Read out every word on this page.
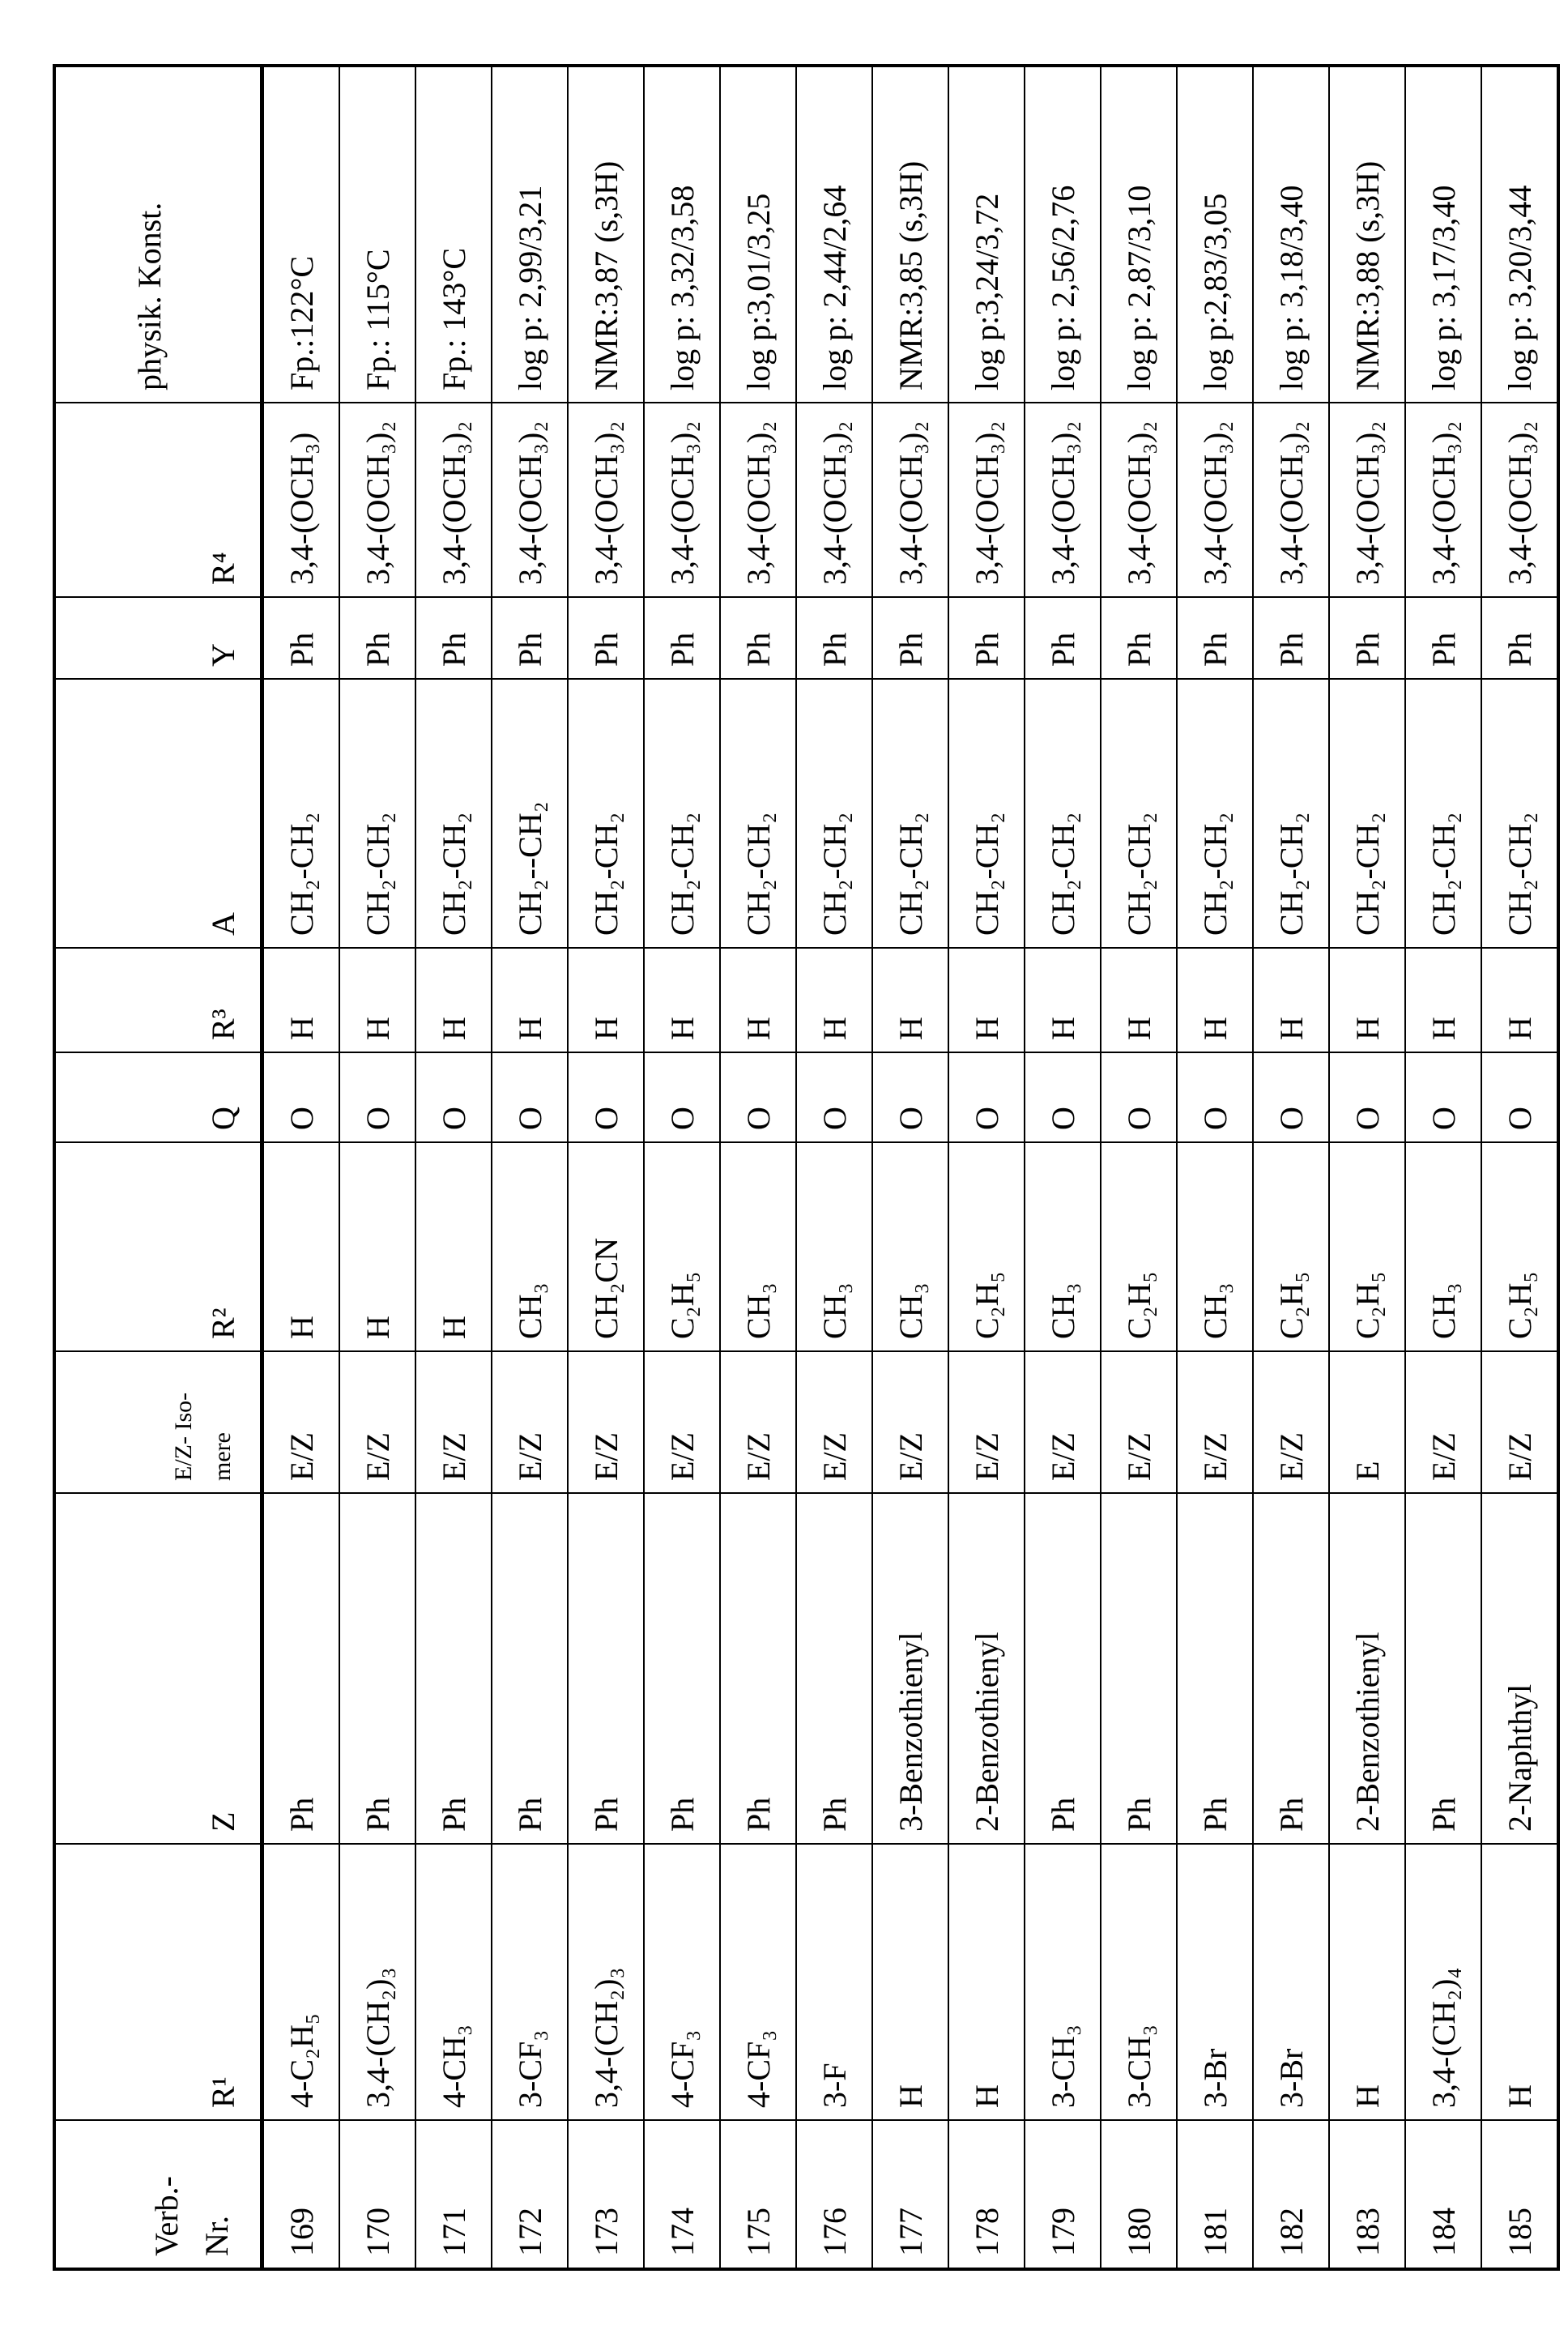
Verb.- Nr.	R¹	Z	E/Z- Iso- mere	R²	Q	R³	A	Y	R⁴	physik. Konst.
169	4-C₂H₅	Ph	E/Z	H	O	H	CH₂-CH₂	Ph	3,4-(OCH₃)	Fp.:122°C
170	3,4-(CH₂)₃	Ph	E/Z	H	O	H	CH₂-CH₂	Ph	3,4-(OCH₃)₂	Fp.: 115°C
171	4-CH₃	Ph	E/Z	H	O	H	CH₂-CH₂	Ph	3,4-(OCH₃)₂	Fp.: 143°C
172	3-CF₃	Ph	E/Z	CH₃	O	H	CH₂--CH₂	Ph	3,4-(OCH₃)₂	log p: 2,99/3,21
173	3,4-(CH₂)₃	Ph	E/Z	CH₂CN	O	H	CH₂-CH₂	Ph	3,4-(OCH₃)₂	NMR:3,87 (s,3H)
174	4-CF₃	Ph	E/Z	C₂H₅	O	H	CH₂-CH₂	Ph	3,4-(OCH₃)₂	log p: 3,32/3,58
175	4-CF₃	Ph	E/Z	CH₃	O	H	CH₂-CH₂	Ph	3,4-(OCH₃)₂	log p:3,01/3,25
176	3-F	Ph	E/Z	CH₃	O	H	CH₂-CH₂	Ph	3,4-(OCH₃)₂	log p: 2,44/2,64
177	H	3-Benzothienyl	E/Z	CH₃	O	H	CH₂-CH₂	Ph	3,4-(OCH₃)₂	NMR:3,85 (s,3H)
178	H	2-Benzothienyl	E/Z	C₂H₅	O	H	CH₂-CH₂	Ph	3,4-(OCH₃)₂	log p:3,24/3,72
179	3-CH₃	Ph	E/Z	CH₃	O	H	CH₂-CH₂	Ph	3,4-(OCH₃)₂	log p: 2,56/2,76
180	3-CH₃	Ph	E/Z	C₂H₅	O	H	CH₂-CH₂	Ph	3,4-(OCH₃)₂	log p: 2,87/3,10
181	3-Br	Ph	E/Z	CH₃	O	H	CH₂-CH₂	Ph	3,4-(OCH₃)₂	log p:2,83/3,05
182	3-Br	Ph	E/Z	C₂H₅	O	H	CH₂-CH₂	Ph	3,4-(OCH₃)₂	log p: 3,18/3,40
183	H	2-Benzothienyl	E	C₂H₅	O	H	CH₂-CH₂	Ph	3,4-(OCH₃)₂	NMR:3,88 (s,3H)
184	3,4-(CH₂)₄	Ph	E/Z	CH₃	O	H	CH₂-CH₂	Ph	3,4-(OCH₃)₂	log p: 3,17/3,40
185	H	2-Naphthyl	E/Z	C₂H₅	O	H	CH₂-CH₂	Ph	3,4-(OCH₃)₂	log p: 3,20/3,44
